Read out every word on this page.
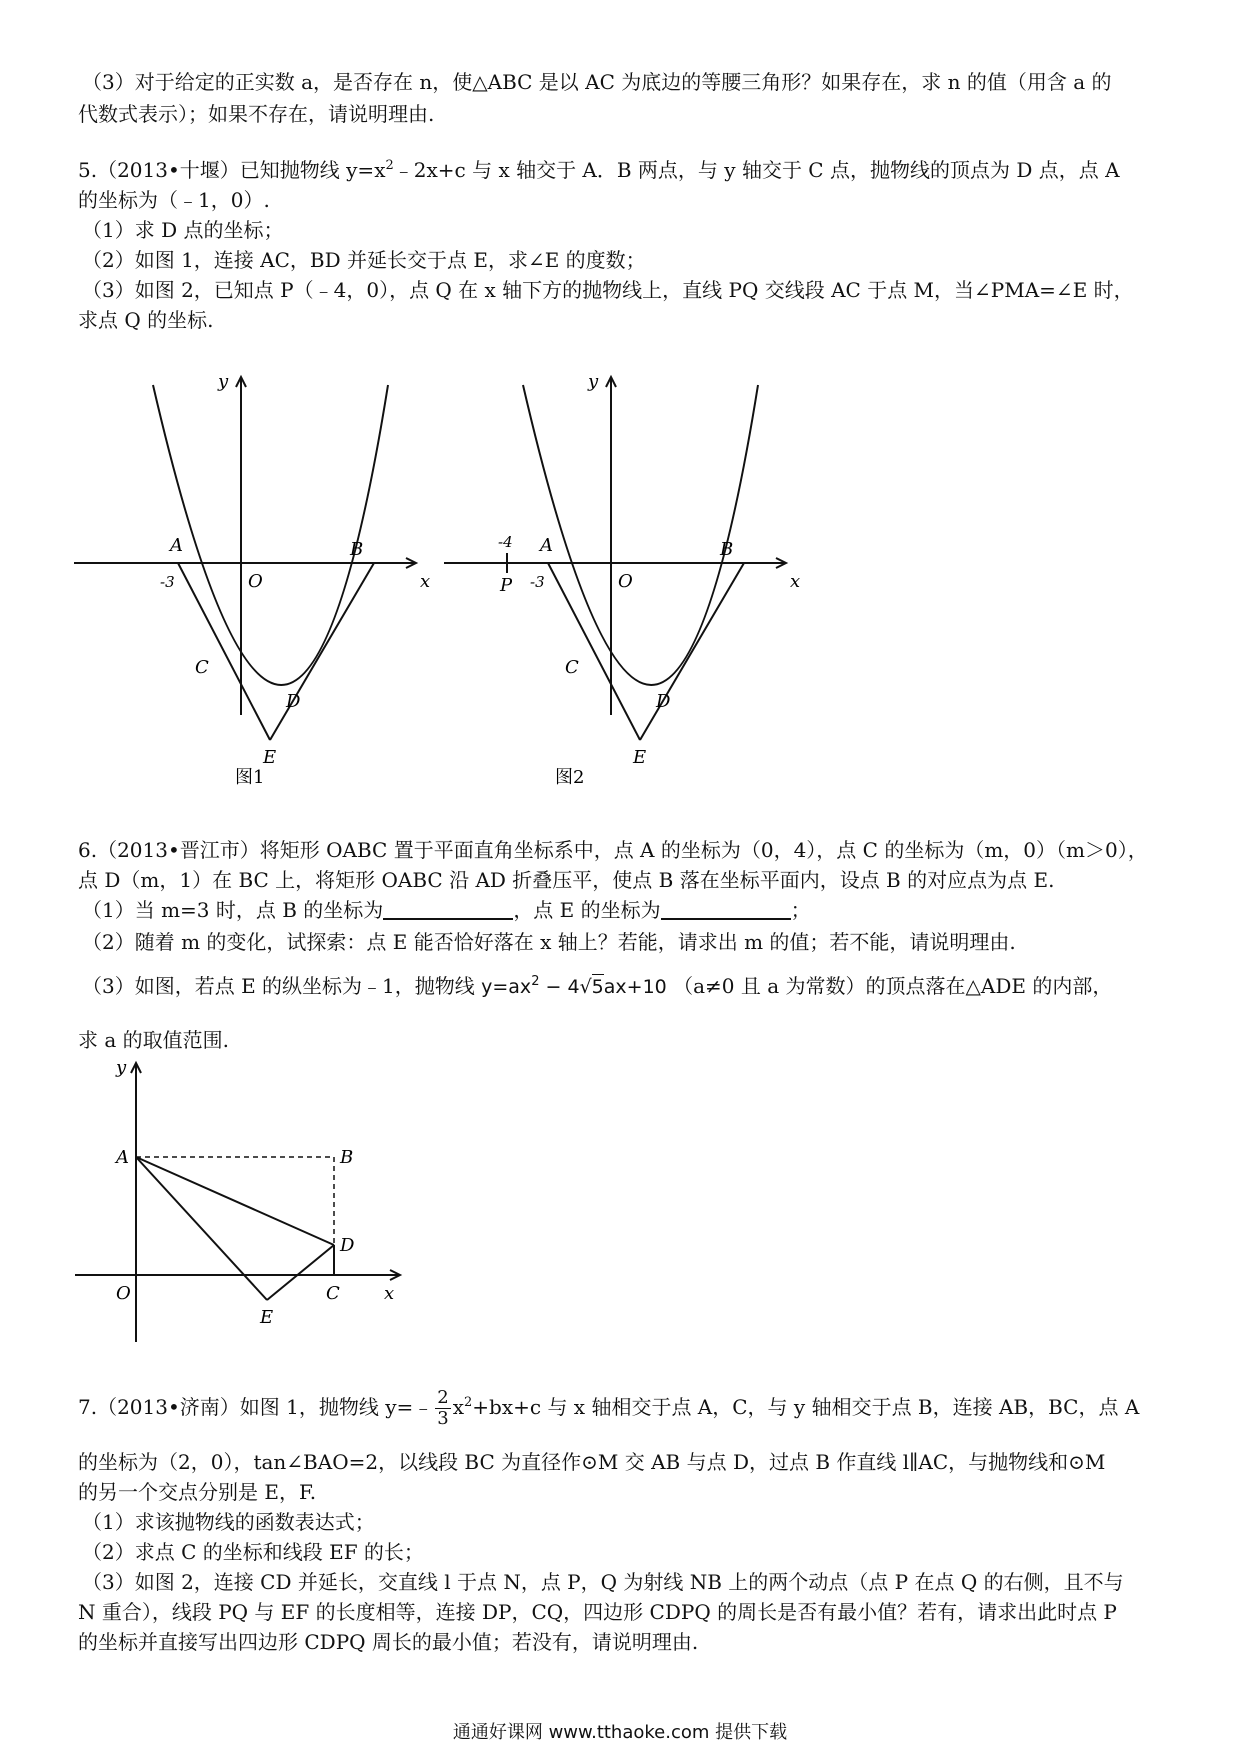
（3）对于给定的正实数 a，是否存在 n，使△ABC 是以 AC 为底边的等腰三角形？如果存在，求 n 的值（用含 a 的
代数式表示）；如果不存在，请说明理由.
5.（2013•十堰）已知抛物线 $y=x^2﹣2x+c$ 与 x 轴交于 A．B 两点，与 y 轴交于 C 点，抛物线的顶点为 D 点，点 A
的坐标为（﹣1，0）.
（1）求 D 点的坐标；
（2）如图 1，连接 AC，BD 并延长交于点 E，求∠E 的度数；
（3）如图 2，已知点 P（﹣4，0），点 Q 在 x 轴下方的抛物线上，直线 PQ 交线段 AC 于点 M，当∠PMA=∠E 时，
求点 Q 的坐标.
A
-3	O
B
x
y
C
D
E
图1
-4
P
A
-3	O
B
x
y
C
D
E
图2
6.（2013•晋江市）将矩形 OABC 置于平面直角坐标系中，点 A 的坐标为（0，4），点 C 的坐标为（m，0）（m＞0），
点 D（m，1）在 BC 上，将矩形 OABC 沿 AD 折叠压平，使点 B 落在坐标平面内，设点 B 的对应点为点 E.
（1）当 m=3 时，点 B 的坐标为	，点 E 的坐标为	；
（2）随着 m 的变化，试探索：点 E 能否恰好落在 x 轴上？若能，请求出 m 的值；若不能，请说明理由.
（3）如图，若点 E 的纵坐标为﹣1，抛物线 $y=ax^2 - 4√5ax+10$ （a≠0 且 a 为常数）的顶点落在△ADE 的内部，
求 a 的取值范围.
A	B
D
C
E
O	x
y
7.（2013•济南）如图 1，抛物线 y=﹣ $\frac{2}{3} x^2+bx+c$ 与 x 轴相交于点 A，C，与 y 轴相交于点 B，连接 AB，BC，点 A
的坐标为（2，0），tan∠BAO=2，以线段 BC 为直径作⊙M 交 AB 与点 D，过点 B 作直线 l∥AC，与抛物线和⊙M
的另一个交点分别是 E，F.
（1）求该抛物线的函数表达式；
（2）求点 C 的坐标和线段 EF 的长；
（3）如图 2，连接 CD 并延长，交直线 l 于点 N，点 P，Q 为射线 NB 上的两个动点（点 P 在点 Q 的右侧，且不与
N 重合），线段 PQ 与 EF 的长度相等，连接 DP，CQ，四边形 CDPQ 的周长是否有最小值？若有，请求出此时点 P
的坐标并直接写出四边形 CDPQ 周长的最小值；若没有，请说明理由.
通通好课网 www.tthaoke.com 提供下载
